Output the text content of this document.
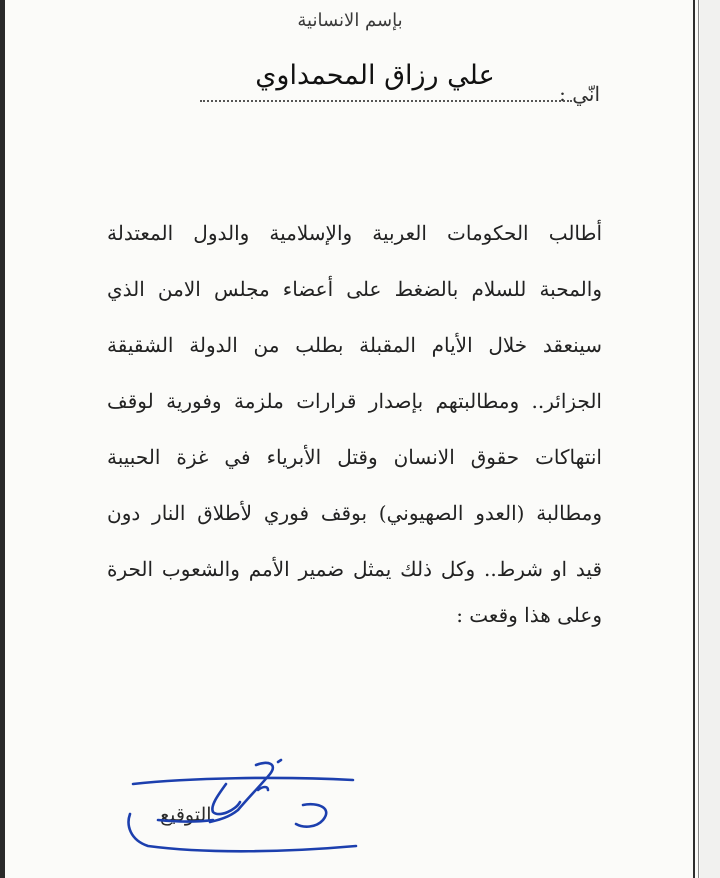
بإسم الانسانية
انّي :
علي رزاق المحمداوي
أطالب الحكومات العربية والإسلامية والدول المعتدلة
والمحبة للسلام بالضغط على أعضاء مجلس الامن الذي
سينعقد خلال الأيام المقبلة بطلب من الدولة الشقيقة
الجزائر.. ومطالبتهم بإصدار قرارات ملزمة وفورية لوقف
انتهاكات حقوق الانسان وقتل الأبرياء في غزة الحبيبة
ومطالبة (العدو الصهيوني) بوقف فوري لأطلاق النار دون
قيد او شرط.. وكل ذلك يمثل ضمير الأمم والشعوب الحرة
وعلى هذا وقعت :
التوقيع
